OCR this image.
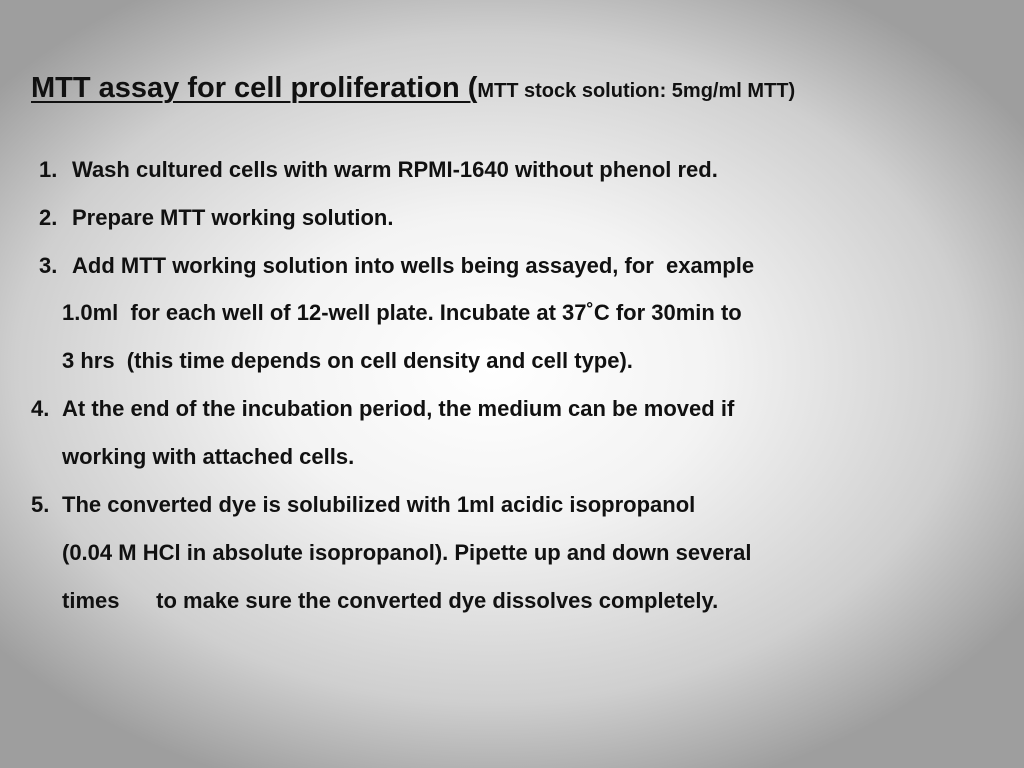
MTT assay for cell proliferation (MTT stock solution: 5mg/ml MTT)
1. Wash cultured cells with warm RPMI-1640 without phenol red.
2. Prepare MTT working solution.
3. Add MTT working solution into wells being assayed, for  example
1.0ml  for each well of 12-well plate. Incubate at 37˚C for 30min to
3 hrs  (this time depends on cell density and cell type).
4. At the end of the incubation period, the medium can be moved if
working with attached cells.
5. The converted dye is solubilized with 1ml acidic isopropanol
(0.04 M HCl in absolute isopropanol). Pipette up and down several
times      to make sure the converted dye dissolves completely.
